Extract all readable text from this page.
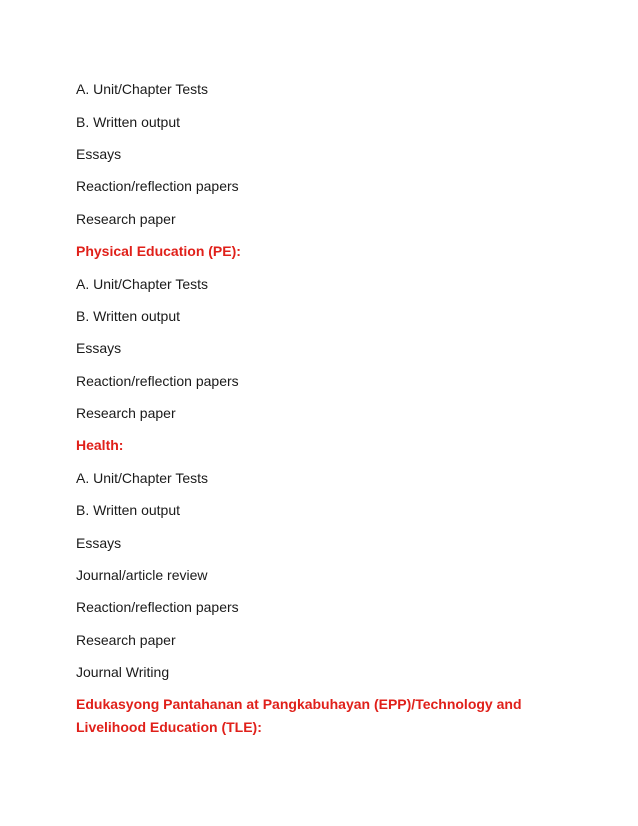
A. Unit/Chapter Tests
B. Written output
Essays
Reaction/reflection papers
Research paper
Physical Education (PE):
A. Unit/Chapter Tests
B. Written output
Essays
Reaction/reflection papers
Research paper
Health:
A. Unit/Chapter Tests
B. Written output
Essays
Journal/article review
Reaction/reflection papers
Research paper
Journal Writing
Edukasyong Pantahanan at Pangkabuhayan (EPP)/Technology and
Livelihood Education (TLE):
